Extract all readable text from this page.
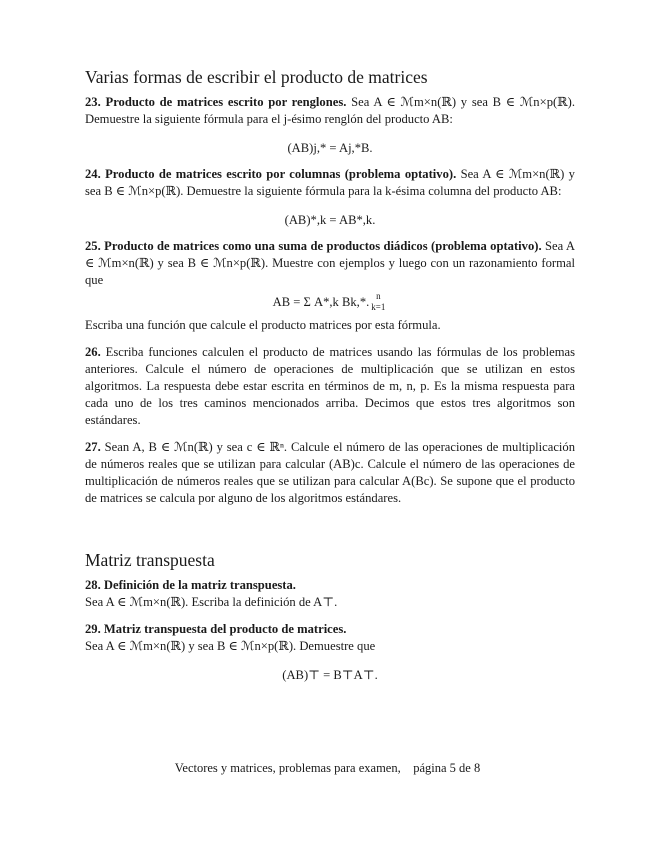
Varias formas de escribir el producto de matrices
23. Producto de matrices escrito por renglones. Sea A ∈ ℳm×n(ℝ) y sea B ∈ ℳn×p(ℝ). Demuestre la siguiente fórmula para el j-ésimo renglón del producto AB:
(AB)j,* = Aj,*B.
24. Producto de matrices escrito por columnas (problema optativo). Sea A ∈ ℳm×n(ℝ) y sea B ∈ ℳn×p(ℝ). Demuestre la siguiente fórmula para la k-ésima columna del producto AB:
(AB)*,k = AB*,k.
25. Producto de matrices como una suma de productos diádicos (problema optativo). Sea A ∈ ℳm×n(ℝ) y sea B ∈ ℳn×p(ℝ). Muestre con ejemplos y luego con un razonamiento formal que
AB = Σ A*,k Bk,*. n
k=1
Escriba una función que calcule el producto matrices por esta fórmula.
26. Escriba funciones calculen el producto de matrices usando las fórmulas de los problemas anteriores. Calcule el número de operaciones de multiplicación que se utilizan en estos algoritmos. La respuesta debe estar escrita en términos de m, n, p. Es la misma respuesta para cada uno de los tres caminos mencionados arriba. Decimos que estos tres algoritmos son estándares.
27. Sean A, B ∈ ℳn(ℝ) y sea c ∈ ℝⁿ. Calcule el número de las operaciones de multiplicación de números reales que se utilizan para calcular (AB)c. Calcule el número de las operaciones de multiplicación de números reales que se utilizan para calcular A(Bc). Se supone que el producto de matrices se calcula por alguno de los algoritmos estándares.
Matriz transpuesta
28. Definición de la matriz transpuesta.
Sea A ∈ ℳm×n(ℝ). Escriba la definición de A⊤.
29. Matriz transpuesta del producto de matrices.
Sea A ∈ ℳm×n(ℝ) y sea B ∈ ℳn×p(ℝ). Demuestre que
(AB)⊤ = B⊤A⊤.
Vectores y matrices, problemas para examen, página 5 de 8
